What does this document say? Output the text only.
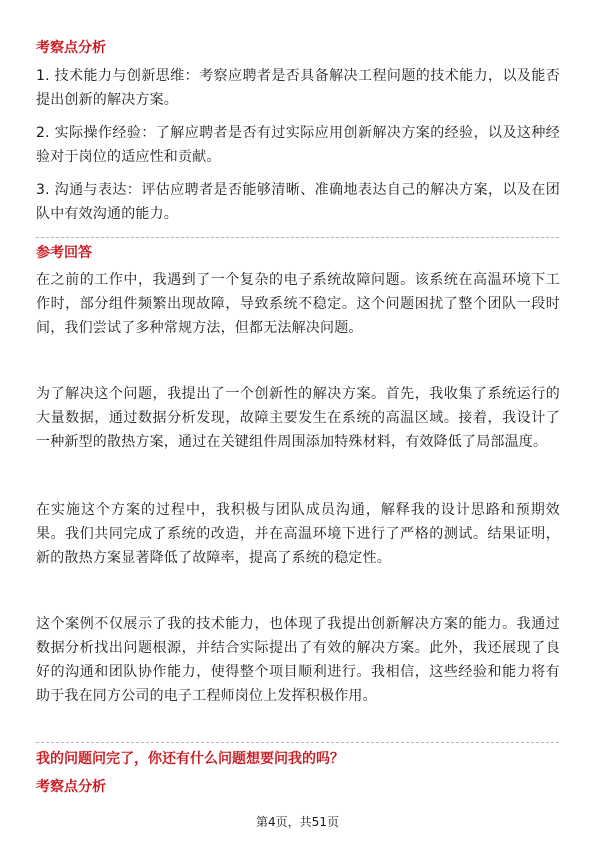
考察点分析
1. 技术能力与创新思维：考察应聘者是否具备解决工程问题的技术能力，以及能否提出创新的解决方案。
2. 实际操作经验：了解应聘者是否有过实际应用创新解决方案的经验，以及这种经验对于岗位的适应性和贡献。
3. 沟通与表达：评估应聘者是否能够清晰、准确地表达自己的解决方案，以及在团队中有效沟通的能力。
参考回答
在之前的工作中，我遇到了一个复杂的电子系统故障问题。该系统在高温环境下工作时，部分组件频繁出现故障，导致系统不稳定。这个问题困扰了整个团队一段时间，我们尝试了多种常规方法，但都无法解决问题。
为了解决这个问题，我提出了一个创新性的解决方案。首先，我收集了系统运行的大量数据，通过数据分析发现，故障主要发生在系统的高温区域。接着，我设计了一种新型的散热方案，通过在关键组件周围添加特殊材料，有效降低了局部温度。
在实施这个方案的过程中，我积极与团队成员沟通，解释我的设计思路和预期效果。我们共同完成了系统的改造，并在高温环境下进行了严格的测试。结果证明，新的散热方案显著降低了故障率，提高了系统的稳定性。
这个案例不仅展示了我的技术能力，也体现了我提出创新解决方案的能力。我通过数据分析找出问题根源，并结合实际提出了有效的解决方案。此外，我还展现了良好的沟通和团队协作能力，使得整个项目顺利进行。我相信，这些经验和能力将有助于我在同方公司的电子工程师岗位上发挥积极作用。
我的问题问完了，你还有什么问题想要问我的吗？
考察点分析
第4页，共51页
